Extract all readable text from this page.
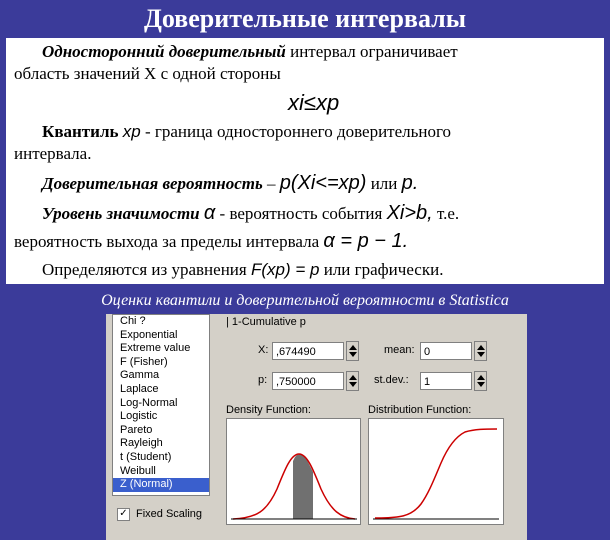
Доверительные интервалы
Односторонний доверительный интервал ограничивает
область значений X с одной стороны
xi≤xp
Квантиль xp - граница одностороннего доверительного
интервала.
Доверительная вероятность – p(Xi<=xp) или p.
Уровень значимости α - вероятность события Xi>b, т.е.
вероятность выхода за пределы интервала α = p − 1.
Определяются из уравнения F(xp) = p или графически.
Оценки квантили и доверительной вероятности в Statistica
Chi ?
Exponential
Extreme value
F (Fisher)
Gamma
Laplace
Log-Normal
Logistic
Pareto
Rayleigh
t (Student)
Weibull
Z (Normal)
| 1-Cumulative p
X: ,674490
p: ,750000
mean: 0
st.dev.:	1
Density Function:	Distribution Function:
✓ Fixed Scaling
